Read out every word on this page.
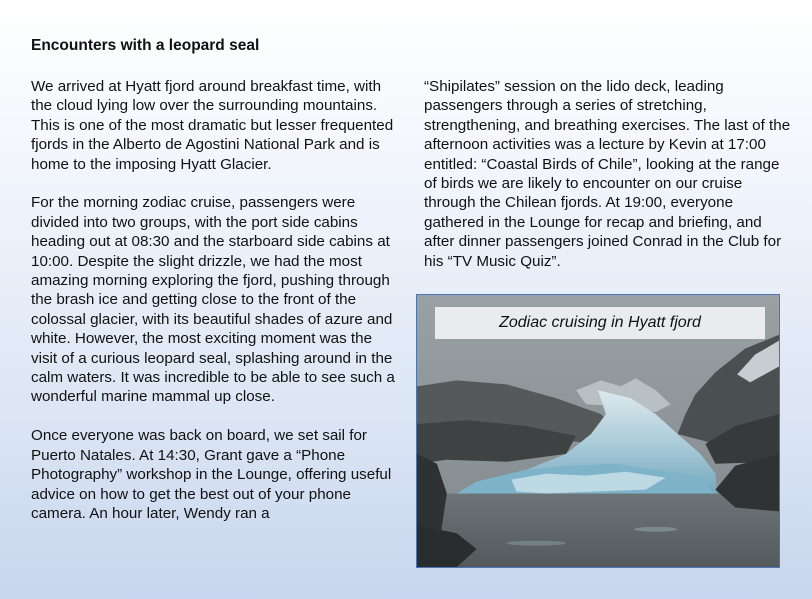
Encounters with a leopard seal

We arrived at Hyatt fjord around breakfast time, with the cloud lying low over the surrounding mountains. This is one of the most dramatic but lesser frequented fjords in the Alberto de Agostini National Park and is home to the imposing Hyatt Glacier.

For the morning zodiac cruise, passengers were divided into two groups, with the port side cabins heading out at 08:30 and the starboard side cabins at 10:00. Despite the slight drizzle, we had the most amazing morning exploring the fjord, pushing through the brash ice and getting close to the front of the colossal glacier, with its beautiful shades of azure and white. However, the most exciting moment was the visit of a curious leopard seal, splashing around in the calm waters. It was incredible to be able to see such a wonderful marine mammal up close.

Once everyone was back on board, we set sail for Puerto Natales. At 14:30, Grant gave a “Phone Photography” workshop in the Lounge, offering useful advice on how to get the best out of your phone camera. An hour later, Wendy ran a

“Shipilates” session on the lido deck, leading passengers through a series of stretching, strengthening, and breathing exercises. The last of the afternoon activities was a lecture by Kevin at 17:00 entitled: “Coastal Birds of Chile”, looking at the range of birds we are likely to encounter on our cruise through the Chilean fjords. At 19:00, everyone gathered in the Lounge for recap and briefing, and after dinner passengers joined Conrad in the Club for his “TV Music Quiz”.

Zodiac cruising in Hyatt fjord
